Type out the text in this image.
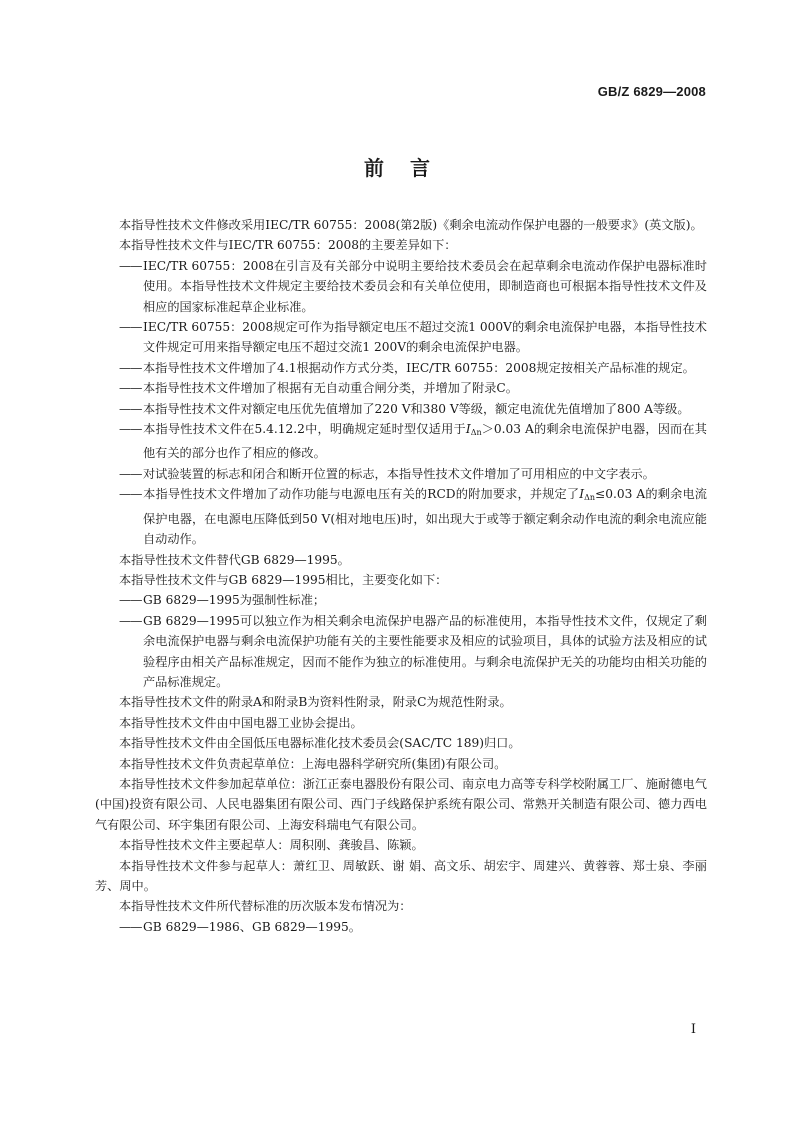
GB/Z 6829—2008
前言

本指导性技术文件修改采用IEC/TR 60755：2008(第2版)《剩余电流动作保护电器的一般要求》(英文版)。

本指导性技术文件与IEC/TR 60755：2008的主要差异如下：

—— IEC/TR 60755：2008在引言及有关部分中说明主要给技术委员会在起草剩余电流动作保护电器标准时使用。本指导性技术文件规定主要给技术委员会和有关单位使用，即制造商也可根据本指导性技术文件及相应的国家标准起草企业标准。

—— IEC/TR 60755：2008规定可作为指导额定电压不超过交流1 000V的剩余电流保护电器，本指导性技术文件规定可用来指导额定电压不超过交流1 200V的剩余电流保护电器。

—— 本指导性技术文件增加了4.1根据动作方式分类，IEC/TR 60755：2008规定按相关产品标准的规定。

—— 本指导性技术文件增加了根据有无自动重合闸分类，并增加了附录C。

—— 本指导性技术文件对额定电压优先值增加了220 V和380 V等级，额定电流优先值增加了800 A等级。

—— 本指导性技术文件在5.4.12.2中，明确规定延时型仅适用于$I_{\Delta n}>0.03$ A的剩余电流保护电器，因而在其他有关的部分也作了相应的修改。

—— 对试验装置的标志和闭合和断开位置的标志，本指导性技术文件增加了可用相应的中文字表示。

—— 本指导性技术文件增加了动作功能与电源电压有关的RCD的附加要求，并规定了$I_{\Delta n}\le 0.03$ A的剩余电流保护电器，在电源电压降低到50 V(相对地电压)时，如出现大于或等于额定剩余动作电流的剩余电流应能自动动作。

本指导性技术文件替代GB 6829—1995。

本指导性技术文件与GB 6829—1995相比，主要变化如下：

—— GB 6829—1995为强制性标准；

—— GB 6829—1995可以独立作为相关剩余电流保护电器产品的标准使用，本指导性技术文件，仅规定了剩余电流保护电器与剩余电流保护功能有关的主要性能要求及相应的试验项目，具体的试验方法及相应的试验程序由相关产品标准规定，因而不能作为独立的标准使用。与剩余电流保护无关的功能均由相关功能的产品标准规定。

本指导性技术文件的附录A和附录B为资料性附录，附录C为规范性附录。

本指导性技术文件由中国电器工业协会提出。

本指导性技术文件由全国低压电器标准化技术委员会(SAC/TC 189)归口。

本指导性技术文件负责起草单位：上海电器科学研究所(集团)有限公司。

本指导性技术文件参加起草单位：浙江正泰电器股份有限公司、南京电力高等专科学校附属工厂、施耐德电气(中国)投资有限公司、人民电器集团有限公司、西门子线路保护系统有限公司、常熟开关制造有限公司、德力西电气有限公司、环宇集团有限公司、上海安科瑞电气有限公司。

本指导性技术文件主要起草人：周积刚、龚骏昌、陈颖。

本指导性技术文件参与起草人：萧红卫、周敏跃、谢 娟、高文乐、胡宏宇、周建兴、黄蓉蓉、郑士泉、李丽芳、周中。

本指导性技术文件所代替标准的历次版本发布情况为：

—— GB 6829—1986、GB 6829—1995。

I
